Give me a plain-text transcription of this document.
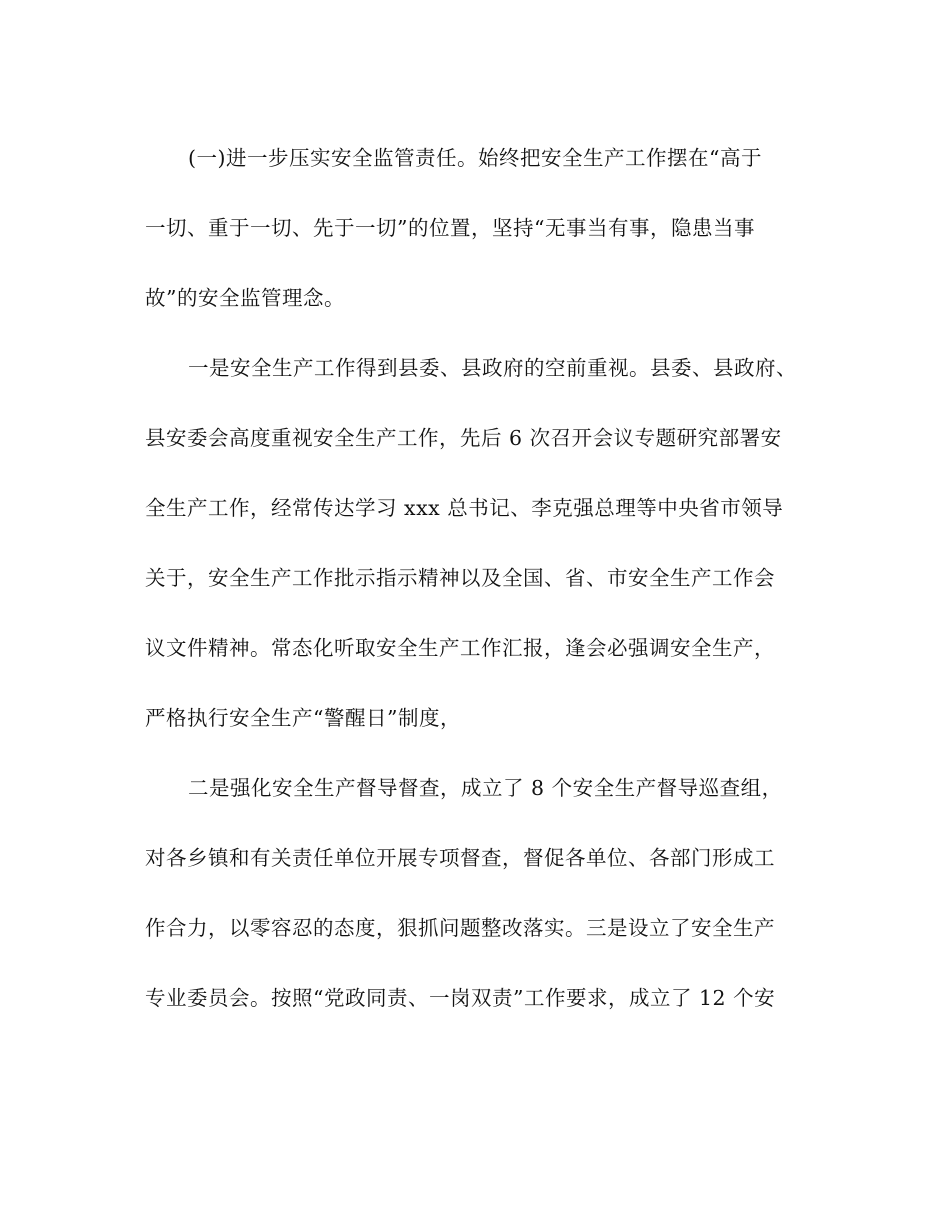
(一)进一步压实安全监管责任。始终把安全生产工作摆在“高于
一切、重于一切、先于一切”的位置，坚持“无事当有事，隐患当事
故”的安全监管理念。
一是安全生产工作得到县委、县政府的空前重视。县委、县政府、
县安委会高度重视安全生产工作，先后 6 次召开会议专题研究部署安
全生产工作，经常传达学习 xxx 总书记、李克强总理等中央省市领导
关于，安全生产工作批示指示精神以及全国、省、市安全生产工作会
议文件精神。常态化听取安全生产工作汇报，逢会必强调安全生产，
严格执行安全生产“警醒日”制度，
二是强化安全生产督导督查，成立了 8 个安全生产督导巡查组，
对各乡镇和有关责任单位开展专项督查，督促各单位、各部门形成工
作合力，以零容忍的态度，狠抓问题整改落实。三是设立了安全生产
专业委员会。按照“党政同责、一岗双责”工作要求，成立了 12 个安
